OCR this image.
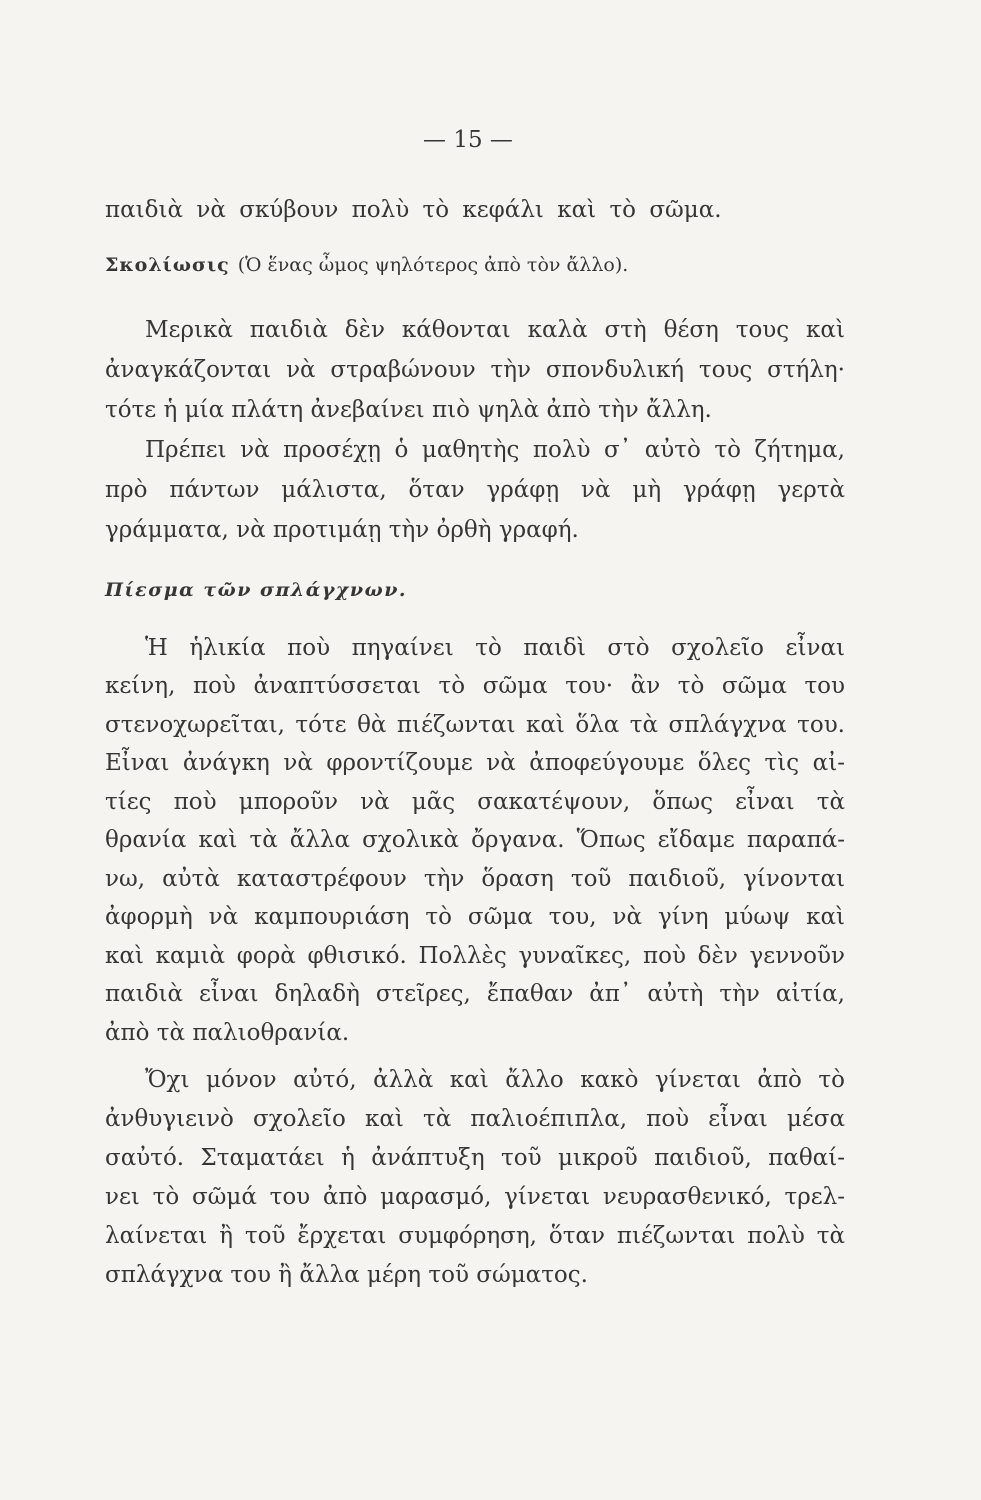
— 15 —
παιδιὰ νὰ σκύβουν πολὺ τὸ κεφάλι καὶ τὸ σῶμα.
Σκολίωσις (Ὁ ἕνας ὦμος ψηλότερος ἀπὸ τὸν ἄλλο).
Μερικὰ παιδιὰ δὲν κάθονται καλὰ στὴ θέση τους καὶ
ἀναγκάζονται νὰ στραβώνουν τὴν σπονδυλική τους στήλη·
τότε ἡ μία πλάτη ἀνεβαίνει πιὸ ψηλὰ ἀπὸ τὴν ἄλλη.
Πρέπει νὰ προσέχῃ ὁ μαθητὴς πολὺ σ᾽ αὐτὸ τὸ ζήτημα,
πρὸ πάντων μάλιστα, ὅταν γράφῃ νὰ μὴ γράφῃ γερτὰ
γράμματα, νὰ προτιμάῃ τὴν ὀρθὴ γραφή.
Πίεσμα τῶν σπλάγχνων.
Ἡ ἡλικία ποὺ πηγαίνει τὸ παιδὶ στὸ σχολεῖο εἶναι
κείνη, ποὺ ἀναπτύσσεται τὸ σῶμα του· ἂν τὸ σῶμα του
στενοχωρεῖται, τότε θὰ πιέζωνται καὶ ὅλα τὰ σπλάγχνα του.
Εἶναι ἀνάγκη νὰ φροντίζουμε νὰ ἀποφεύγουμε ὅλες τὶς αἰ-
τίες ποὺ μποροῦν νὰ μᾶς σακατέψουν, ὅπως εἶναι τὰ
θρανία καὶ τὰ ἄλλα σχολικὰ ὄργανα. Ὅπως εἴδαμε παραπά-
νω, αὐτὰ καταστρέφουν τὴν ὅραση τοῦ παιδιοῦ, γίνονται
ἀφορμὴ νὰ καμπουριάση τὸ σῶμα του, νὰ γίνη μύωψ καὶ
καὶ καμιὰ φορὰ φθισικό. Πολλὲς γυναῖκες, ποὺ δὲν γεννοῦν
παιδιὰ εἶναι δηλαδὴ στεῖρες, ἔπαθαν ἀπ᾽ αὐτὴ τὴν αἰτία,
ἀπὸ τὰ παλιοθρανία.
Ὄχι μόνον αὐτό, ἀλλὰ καὶ ἄλλο κακὸ γίνεται ἀπὸ τὸ
ἀνθυγιεινὸ σχολεῖο καὶ τὰ παλιοέπιπλα, ποὺ εἶναι μέσα
σαὐτό. Σταματάει ἡ ἀνάπτυξη τοῦ μικροῦ παιδιοῦ, παθαί-
νει τὸ σῶμά του ἀπὸ μαρασμό, γίνεται νευρασθενικό, τρελ-
λαίνεται ἢ τοῦ ἔρχεται συμφόρηση, ὅταν πιέζωνται πολὺ τὰ
σπλάγχνα του ἢ ἄλλα μέρη τοῦ σώματος.
